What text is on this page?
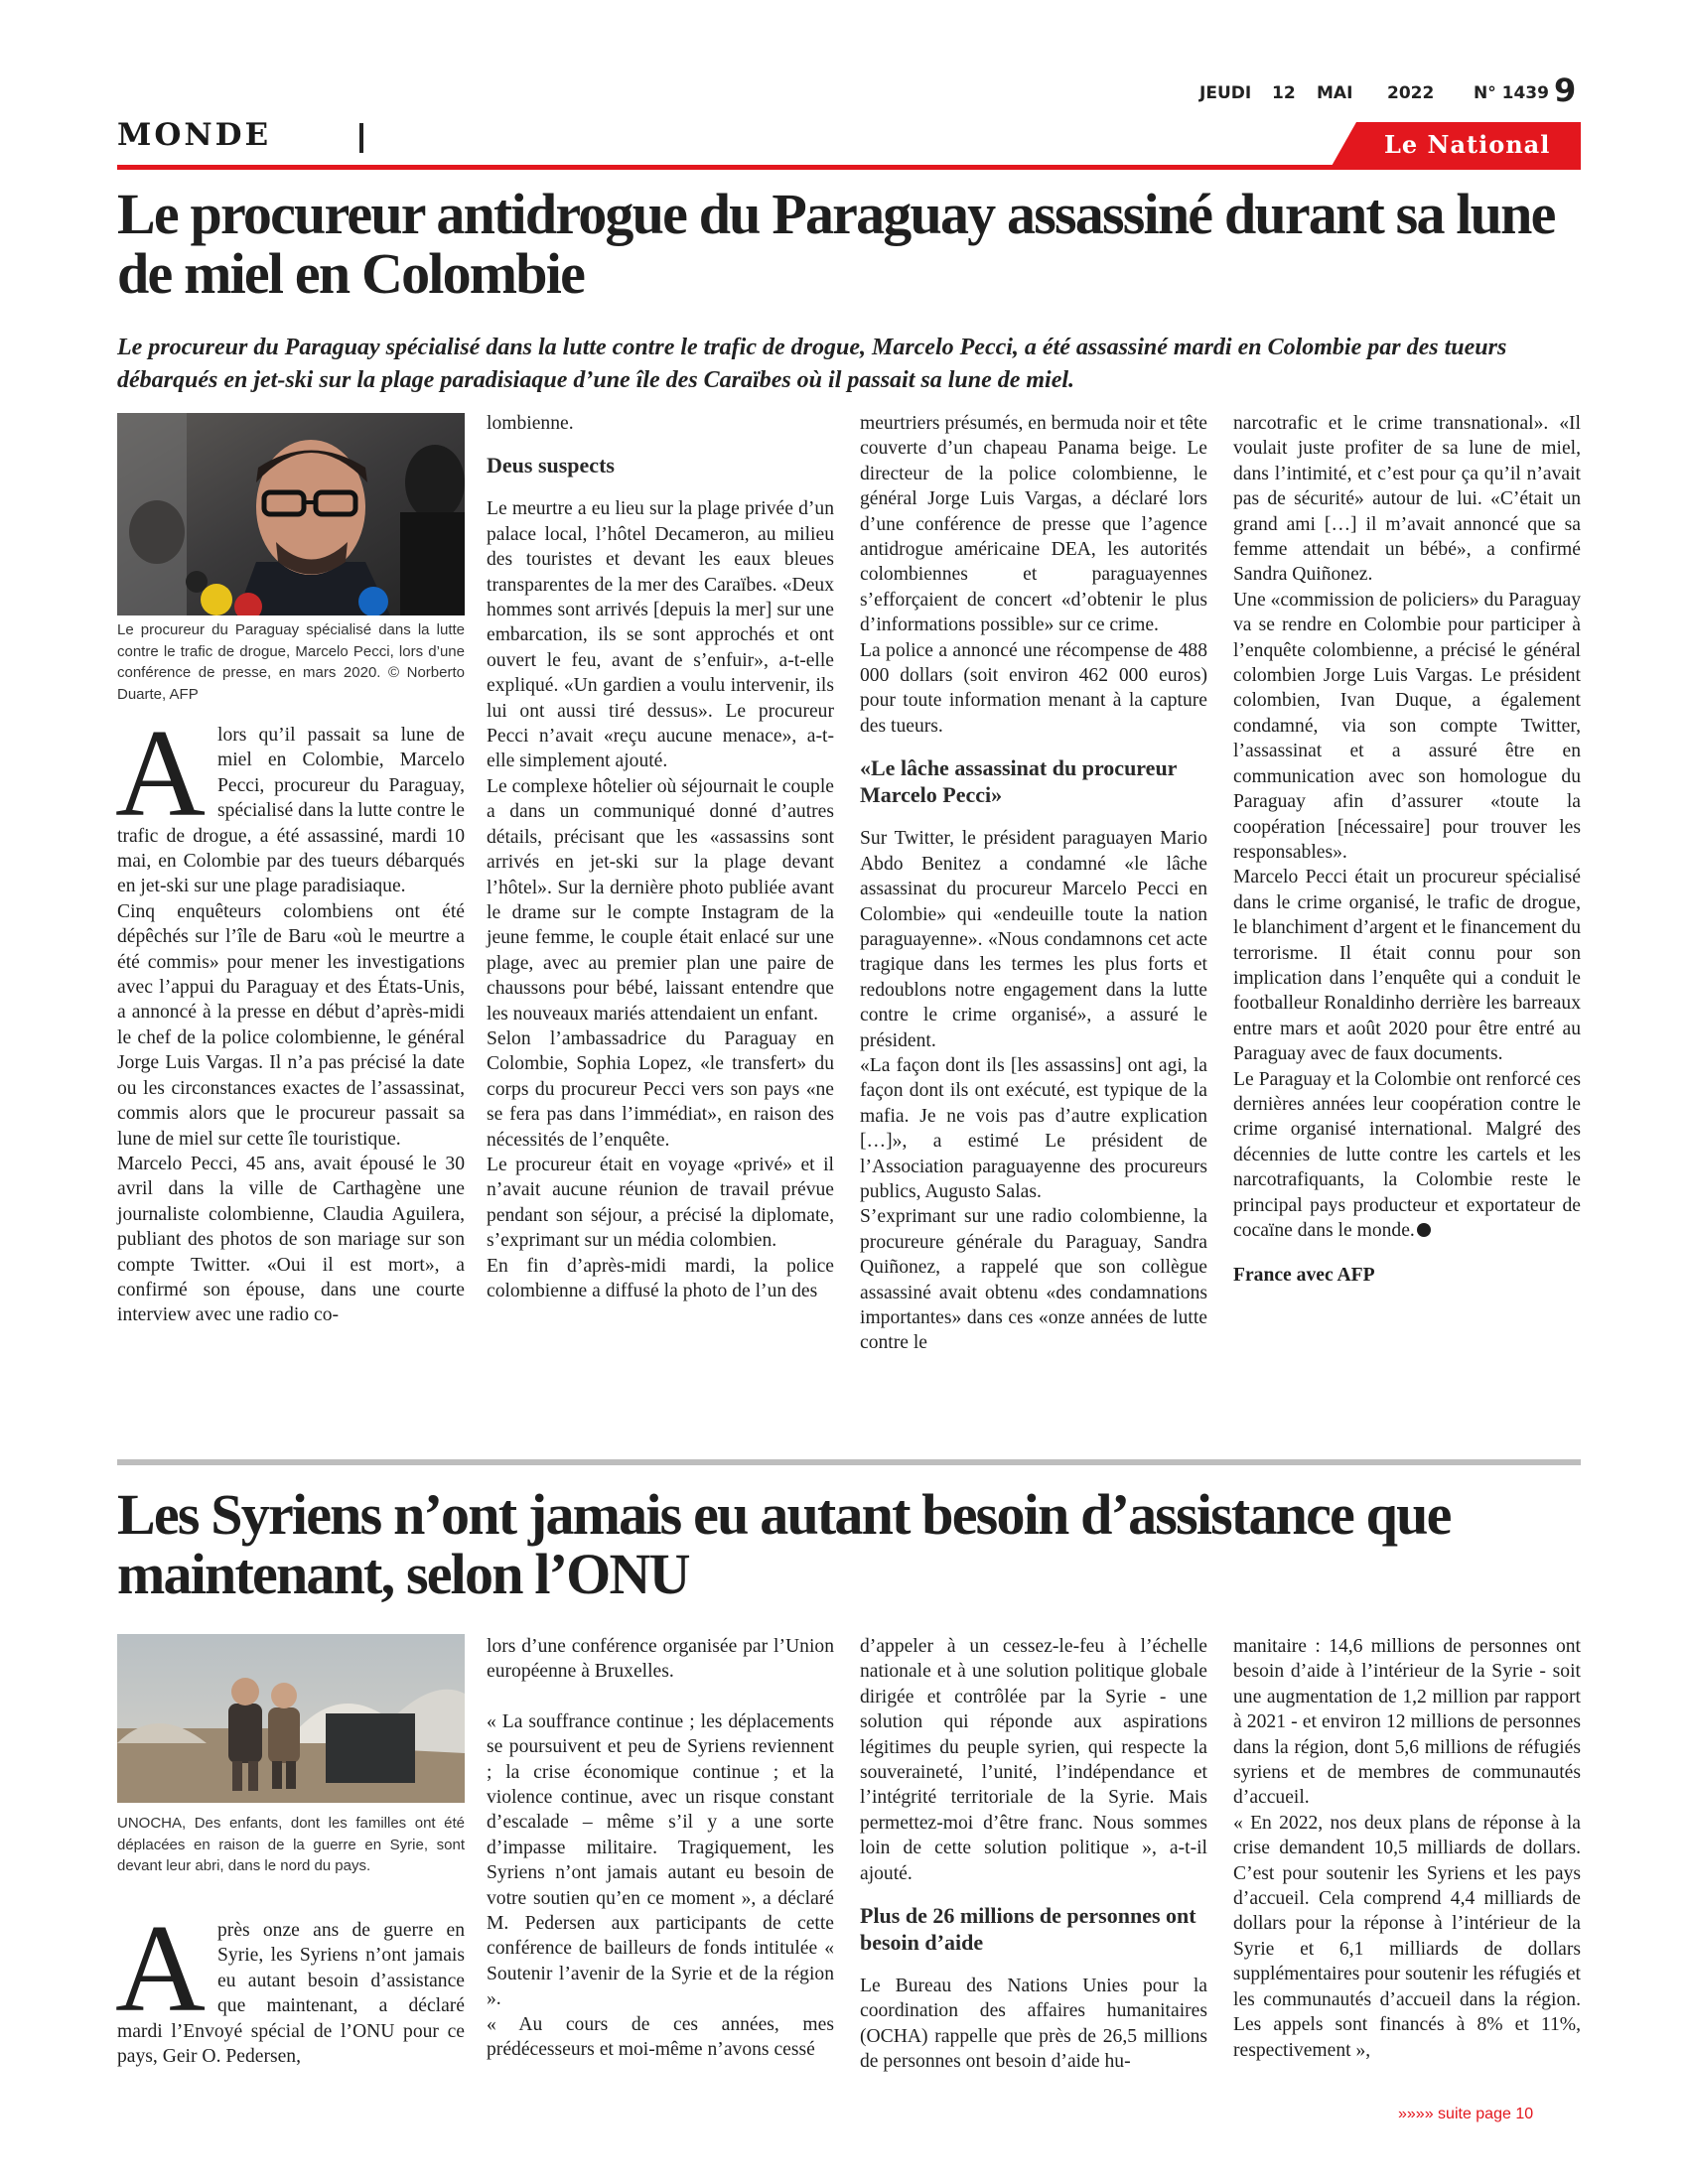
MONDE
JEUDI 12 MAI 2022 N° 1439 9
Le National
Le procureur antidrogue du Paraguay assassiné durant sa lune de miel en Colombie
Le procureur du Paraguay spécialisé dans la lutte contre le trafic de drogue, Marcelo Pecci, a été assassiné mardi en Colombie par des tueurs débarqués en jet-ski sur la plage paradisiaque d’une île des Caraïbes où il passait sa lune de miel.
Le procureur du Paraguay spécialisé dans la lutte contre le trafic de drogue, Marcelo Pecci, lors d’une conférence de presse, en mars 2020. © Norberto Duarte, AFP
A lors qu’il passait sa lune de miel en Colombie, Marcelo Pecci, procureur du Paraguay, spécialisé dans la lutte contre le trafic de drogue, a été assassiné, mardi 10 mai, en Colombie par des tueurs débarqués en jet-ski sur une plage paradisiaque.

Cinq enquêteurs colombiens ont été dépêchés sur l’île de Baru «où le meurtre a été commis» pour mener les investigations avec l’appui du Paraguay et des États-Unis, a annoncé à la presse en début d’après-midi le chef de la police colombienne, le général Jorge Luis Vargas. Il n’a pas précisé la date ou les circonstances exactes de l’assassinat, commis alors que le procureur passait sa lune de miel sur cette île touristique.

Marcelo Pecci, 45 ans, avait épousé le 30 avril dans la ville de Carthagène une journaliste colombienne, Claudia Aguilera, publiant des photos de son mariage sur son compte Twitter. «Oui il est mort», a confirmé son épouse, dans une courte interview avec une radio co-

lombienne.

Deus suspects

Le meurtre a eu lieu sur la plage privée d’un palace local, l’hôtel Decameron, au milieu des touristes et devant les eaux bleues transparentes de la mer des Caraïbes. «Deux hommes sont arrivés [depuis la mer] sur une embarcation, ils se sont approchés et ont ouvert le feu, avant de s’enfuir», a-t-elle expliqué. «Un gardien a voulu intervenir, ils lui ont aussi tiré dessus». Le procureur Pecci n’avait «reçu aucune menace», a-t-elle simplement ajouté.

Le complexe hôtelier où séjournait le couple a dans un communiqué donné d’autres détails, précisant que les «assassins sont arrivés en jet-ski sur la plage devant l’hôtel». Sur la dernière photo publiée avant le drame sur le compte Instagram de la jeune femme, le couple était enlacé sur une plage, avec au premier plan une paire de chaussons pour bébé, laissant entendre que les nouveaux mariés attendaient un enfant.

Selon l’ambassadrice du Paraguay en Colombie, Sophia Lopez, «le transfert» du corps du procureur Pecci vers son pays «ne se fera pas dans l’immédiat», en raison des nécessités de l’enquête.

Le procureur était en voyage «privé» et il n’avait aucune réunion de travail prévue pendant son séjour, a précisé la diplomate, s’exprimant sur un média colombien.

En fin d’après-midi mardi, la police colombienne a diffusé la photo de l’un des

meurtriers présumés, en bermuda noir et tête couverte d’un chapeau Panama beige. Le directeur de la police colombienne, le général Jorge Luis Vargas, a déclaré lors d’une conférence de presse que l’agence antidrogue américaine DEA, les autorités colombiennes et paraguayennes s’efforçaient de concert «d’obtenir le plus d’informations possible» sur ce crime.

La police a annoncé une récompense de 488 000 dollars (soit environ 462 000 euros) pour toute information menant à la capture des tueurs.

«Le lâche assassinat du procureur Marcelo Pecci»

Sur Twitter, le président paraguayen Mario Abdo Benitez a condamné «le lâche assassinat du procureur Marcelo Pecci en Colombie» qui «endeuille toute la nation paraguayenne». «Nous condamnons cet acte tragique dans les termes les plus forts et redoublons notre engagement dans la lutte contre le crime organisé», a assuré le président.

«La façon dont ils [les assassins] ont agi, la façon dont ils ont exécuté, est typique de la mafia. Je ne vois pas d’autre explication […]», a estimé Le président de l’Association paraguayenne des procureurs publics, Augusto Salas.

S’exprimant sur une radio colombienne, la procureure générale du Paraguay, Sandra Quiñonez, a rappelé que son collègue assassiné avait obtenu «des condamnations importantes» dans ces «onze années de lutte contre le

narcotrafic et le crime transnational». «Il voulait juste profiter de sa lune de miel, dans l’intimité, et c’est pour ça qu’il n’avait pas de sécurité» autour de lui. «C’était un grand ami […] il m’avait annoncé que sa femme attendait un bébé», a confirmé Sandra Quiñonez.

Une «commission de policiers» du Paraguay va se rendre en Colombie pour participer à l’enquête colombienne, a précisé le général colombien Jorge Luis Vargas. Le président colombien, Ivan Duque, a également condamné, via son compte Twitter, l’assassinat et a assuré être en communication avec son homologue du Paraguay afin d’assurer «toute la coopération [nécessaire] pour trouver les responsables».

Marcelo Pecci était un procureur spécialisé dans le crime organisé, le trafic de drogue, le blanchiment d’argent et le financement du terrorisme. Il était connu pour son implication dans l’enquête qui a conduit le footballeur Ronaldinho derrière les barreaux entre mars et août 2020 pour être entré au Paraguay avec de faux documents.

Le Paraguay et la Colombie ont renforcé ces dernières années leur coopération contre le crime organisé international. Malgré des décennies de lutte contre les cartels et les narcotrafiquants, la Colombie reste le principal pays producteur et exportateur de cocaïne dans le monde.

France avec AFP

Les Syriens n’ont jamais eu autant besoin d’assistance que maintenant, selon l’ONU
UNOCHA, Des enfants, dont les familles ont été déplacées en raison de la guerre en Syrie, sont devant leur abri, dans le nord du pays.
A près onze ans de guerre en Syrie, les Syriens n’ont jamais eu autant besoin d’assistance que maintenant, a déclaré mardi l’Envoyé spécial de l’ONU pour ce pays, Geir O. Pedersen,

lors d’une conférence organisée par l’Union européenne à Bruxelles.

« La souffrance continue ; les déplacements se poursuivent et peu de Syriens reviennent ; la crise économique continue ; et la violence continue, avec un risque constant d’escalade – même s’il y a une sorte d’impasse militaire. Tragiquement, les Syriens n’ont jamais autant eu besoin de votre soutien qu’en ce moment », a déclaré M. Pedersen aux participants de cette conférence de bailleurs de fonds intitulée « Soutenir l’avenir de la Syrie et de la région ».

« Au cours de ces années, mes prédécesseurs et moi-même n’avons cessé

d’appeler à un cessez-le-feu à l’échelle nationale et à une solution politique globale dirigée et contrôlée par la Syrie - une solution qui réponde aux aspirations légitimes du peuple syrien, qui respecte la souveraineté, l’unité, l’indépendance et l’intégrité territoriale de la Syrie. Mais permettez-moi d’être franc. Nous sommes loin de cette solution politique », a-t-il ajouté.

Plus de 26 millions de personnes ont besoin d’aide

Le Bureau des Nations Unies pour la coordination des affaires humanitaires (OCHA) rappelle que près de 26,5 millions de personnes ont besoin d’aide hu-

manitaire : 14,6 millions de personnes ont besoin d’aide à l’intérieur de la Syrie - soit une augmentation de 1,2 million par rapport à 2021 - et environ 12 millions de personnes dans la région, dont 5,6 millions de réfugiés syriens et de membres de communautés d’accueil.

« En 2022, nos deux plans de réponse à la crise demandent 10,5 milliards de dollars. C’est pour soutenir les Syriens et les pays d’accueil. Cela comprend 4,4 milliards de dollars pour la réponse à l’intérieur de la Syrie et 6,1 milliards de dollars supplémentaires pour soutenir les réfugiés et les communautés d’accueil dans la région. Les appels sont financés à 8% et 11%, respectivement »,

»»»» suite page 10
